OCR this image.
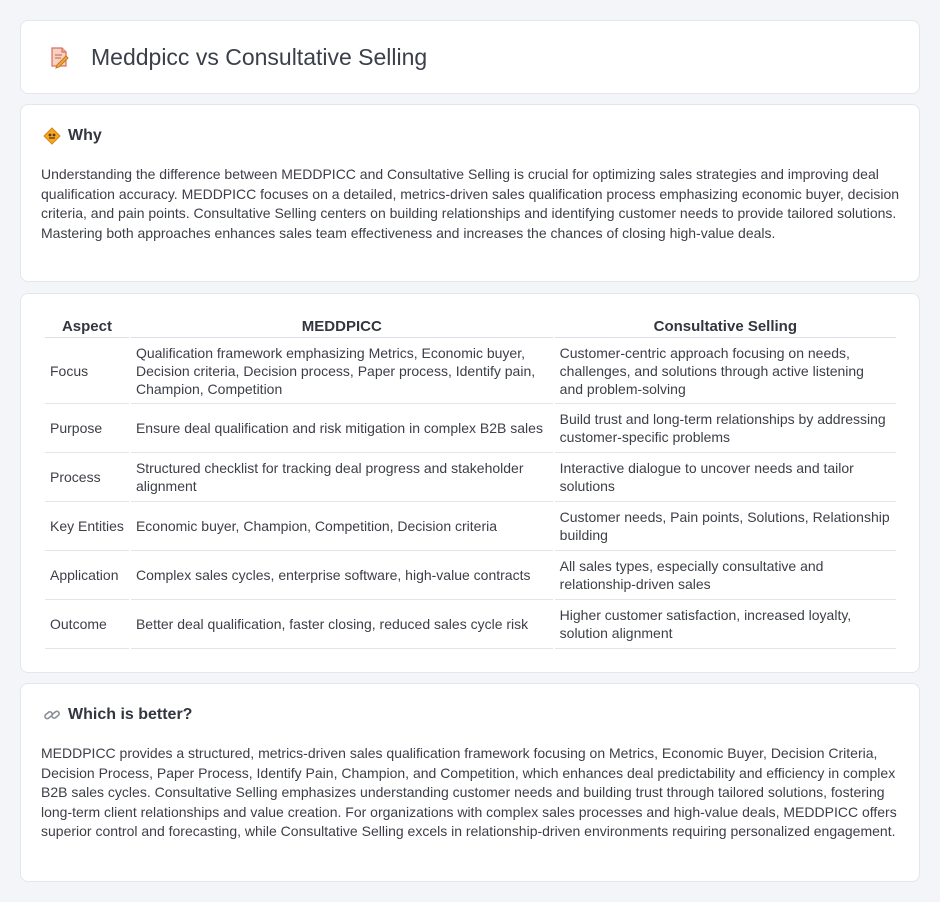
Meddpicc vs Consultative Selling
Why

Understanding the difference between MEDDPICC and Consultative Selling is crucial for optimizing sales strategies and improving deal qualification accuracy. MEDDPICC focuses on a detailed, metrics-driven sales qualification process emphasizing economic buyer, decision criteria, and pain points. Consultative Selling centers on building relationships and identifying customer needs to provide tailored solutions. Mastering both approaches enhances sales team effectiveness and increases the chances of closing high-value deals.

Aspect	MEDDPICC	Consultative Selling
Focus	Qualification framework emphasizing Metrics, Economic buyer, Decision criteria, Decision process, Paper process, Identify pain, Champion, Competition	Customer-centric approach focusing on needs, challenges, and solutions through active listening and problem-solving
Purpose	Ensure deal qualification and risk mitigation in complex B2B sales	Build trust and long-term relationships by addressing customer-specific problems
Process	Structured checklist for tracking deal progress and stakeholder alignment	Interactive dialogue to uncover needs and tailor solutions
Key Entities	Economic buyer, Champion, Competition, Decision criteria	Customer needs, Pain points, Solutions, Relationship building
Application	Complex sales cycles, enterprise software, high-value contracts	All sales types, especially consultative and relationship-driven sales
Outcome	Better deal qualification, faster closing, reduced sales cycle risk	Higher customer satisfaction, increased loyalty, solution alignment
Which is better?

MEDDPICC provides a structured, metrics-driven sales qualification framework focusing on Metrics, Economic Buyer, Decision Criteria, Decision Process, Paper Process, Identify Pain, Champion, and Competition, which enhances deal predictability and efficiency in complex B2B sales cycles. Consultative Selling emphasizes understanding customer needs and building trust through tailored solutions, fostering long-term client relationships and value creation. For organizations with complex sales processes and high-value deals, MEDDPICC offers superior control and forecasting, while Consultative Selling excels in relationship-driven environments requiring personalized engagement.
